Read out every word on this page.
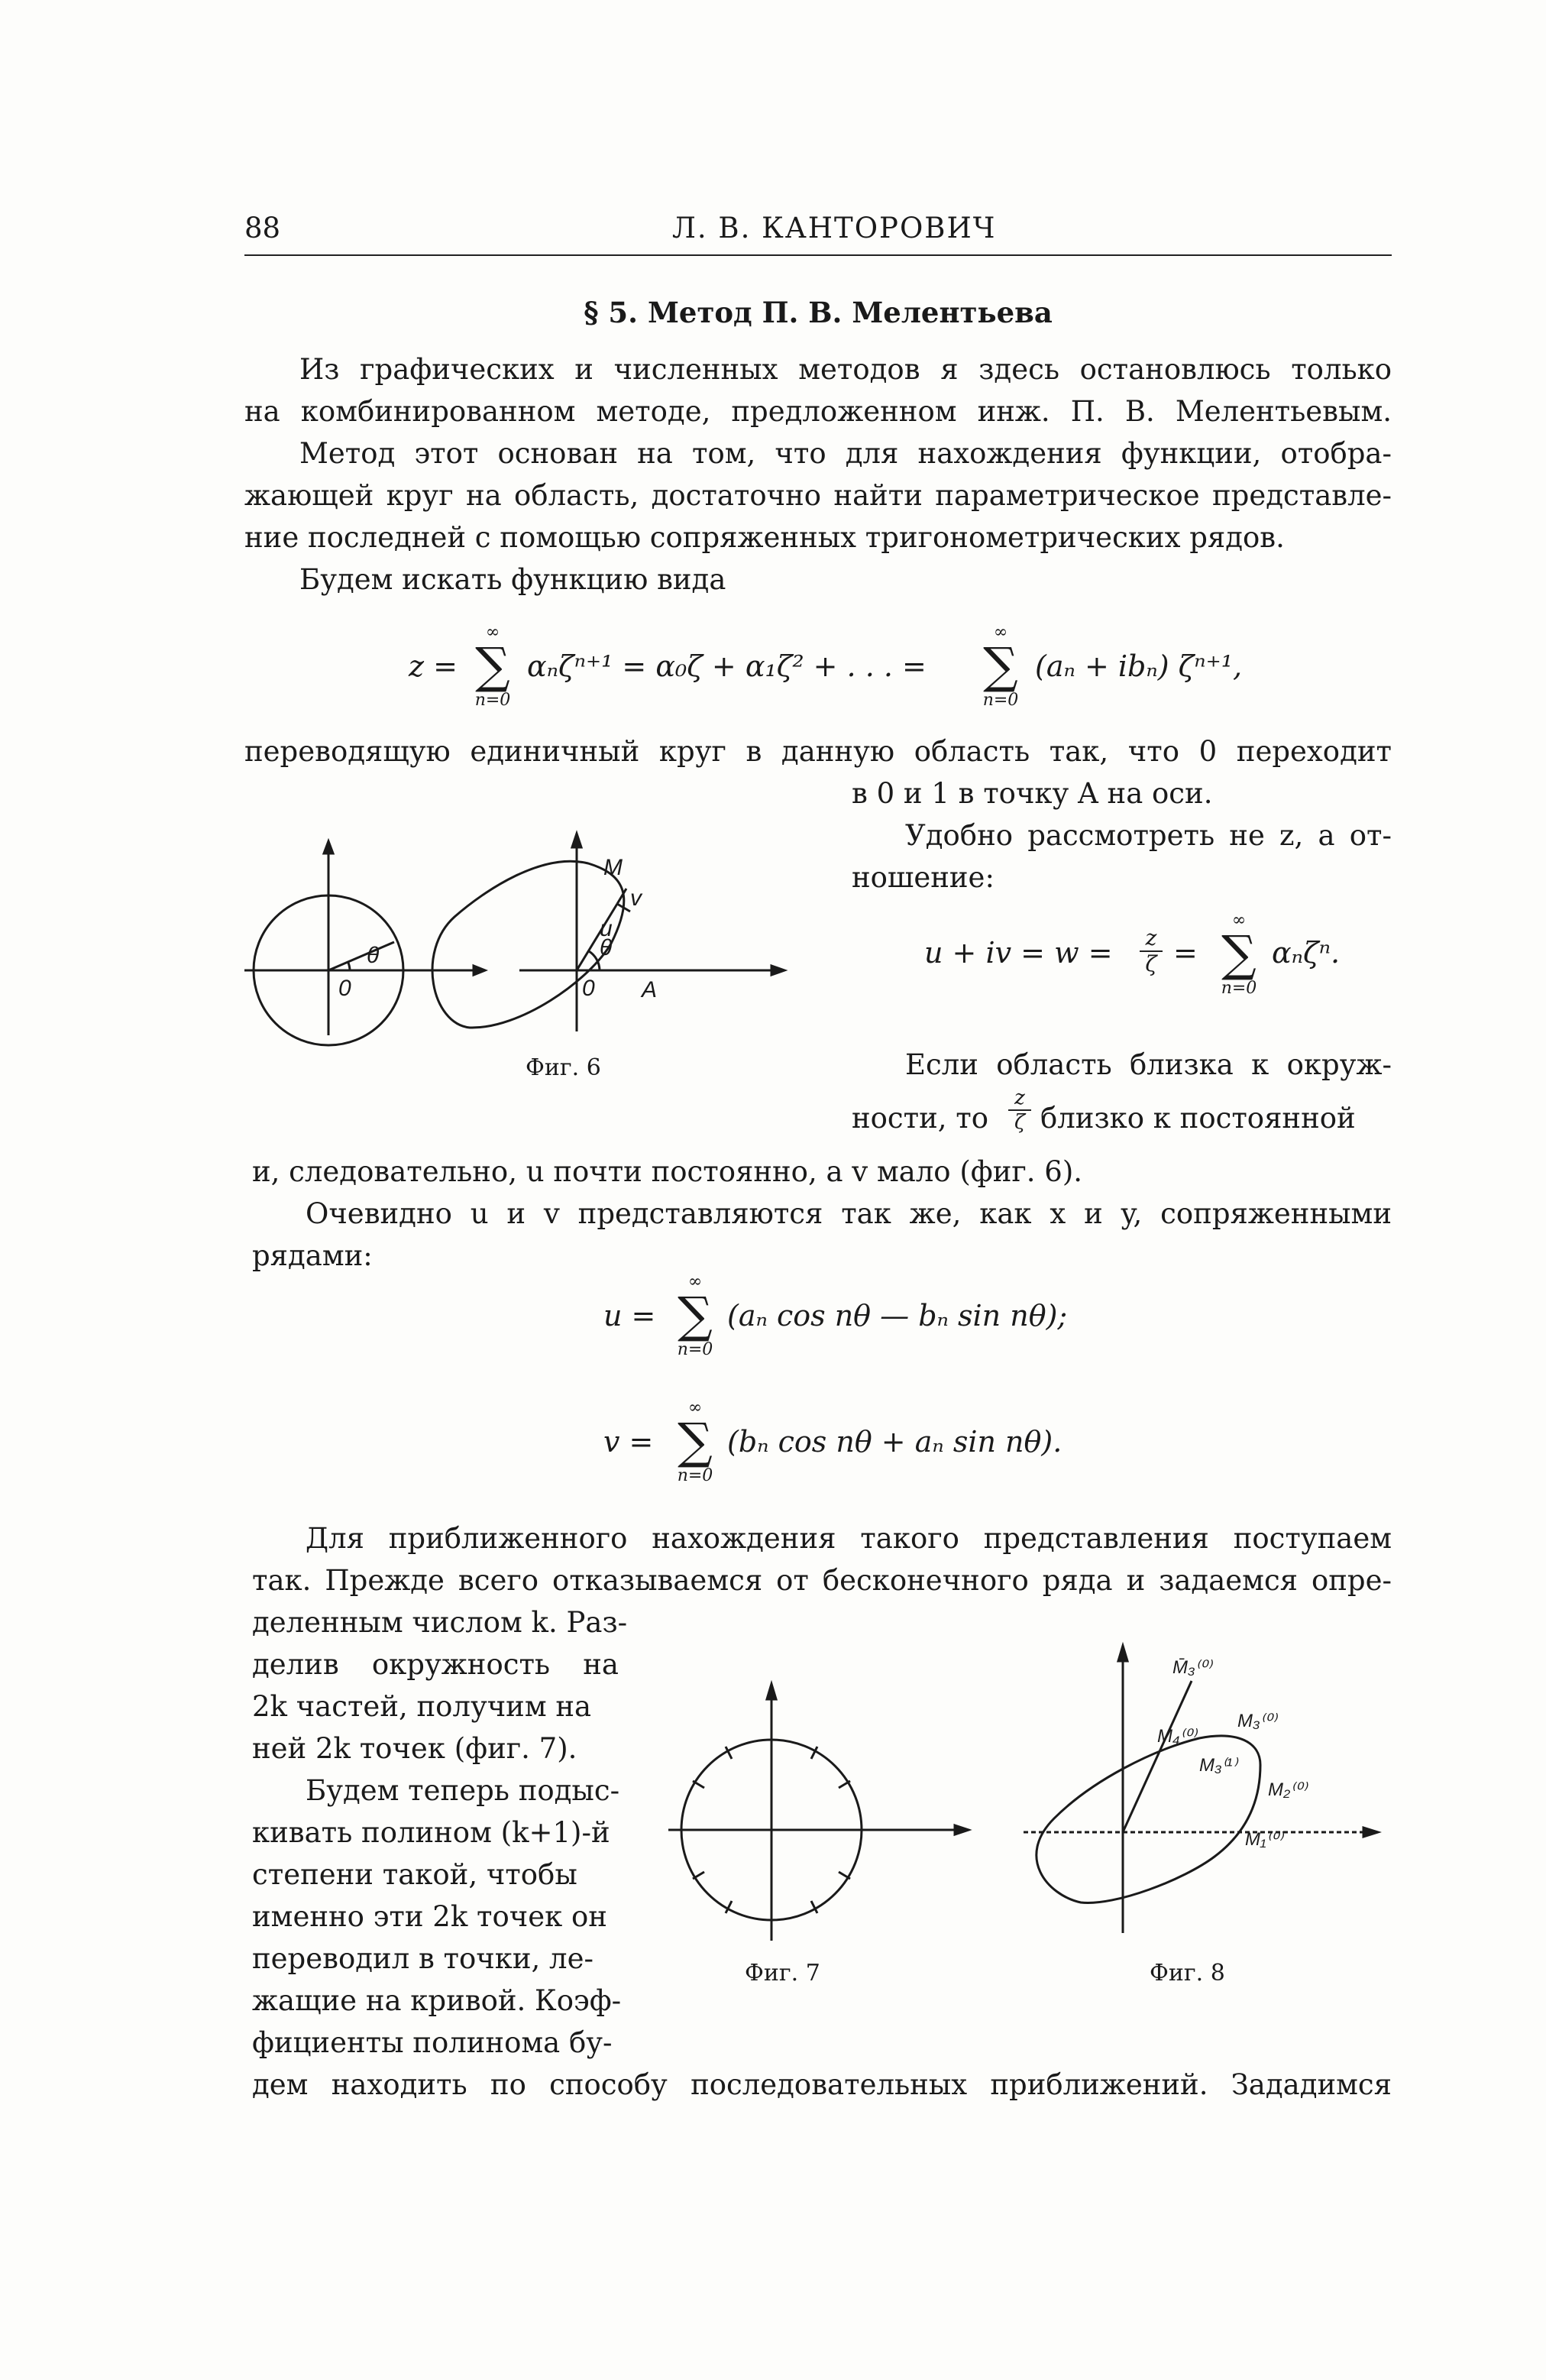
88	Л. В. КАНТОРОВИЧ
§ 5. Метод П. В. Мелентьева
Из графических и численных методов я здесь остановлюсь только
на комбинированном методе, предложенном инж. П. В. Мелентьевым.
Метод этот основан на том, что для нахождения функции, отобра-
жающей круг на область, достаточно найти параметрическое представле-
ние последней с помощью сопряженных тригонометрических рядов.
Будем искать функцию вида
z =
∞
∑
n=0
αₙζⁿ⁺¹ = α₀ζ + α₁ζ² + . . . =
∞
∑
n=0
(aₙ + ibₙ) ζⁿ⁺¹,
переводящую единичный круг в данную область так, что 0 переходит
в 0 и 1 в точку A на оси.
Удобно рассмотреть не z, а от-
ношение:
u + iv = $w = \frac{z}{\zeta}$ =
∞
∑
n=0
αₙζⁿ.
Если область близка к окруж-
ности, то $\frac{z}{\zeta}$ близко к постоянной
и, следовательно, u почти постоянно, а v мало (фиг. 6).
Очевидно u и v представляются так же, как x и y, сопряженными
рядами:
u =
∞
∑
n=0
(aₙ cos nθ — bₙ sin nθ);
v =
∞
∑
n=0
(bₙ cos nθ + aₙ sin nθ).
Для приближенного нахождения такого представления поступаем
так. Прежде всего отказываемся от бесконечного ряда и задаемся опре-
деленным числом k. Раз-
делив окружность на
2k частей, получим на
ней 2k точек (фиг. 7).
Будем теперь подыс-
кивать полином (k+1)-й
степени такой, чтобы
именно эти 2k точек он
переводил в точки, ле-
жащие на кривой. Коэф-
фициенты полинома бу-
дем находить по способу последовательных приближений. Зададимся
θ
0	0
θ
M
v
u
A
Фиг. 6
Фиг. 7
M̄₃⁽⁰⁾
M₄⁽⁰⁾
M₃⁽⁰⁾
M₃⁽¹⁾
M₂⁽⁰⁾
M₁⁽⁰⁾
Фиг. 8
